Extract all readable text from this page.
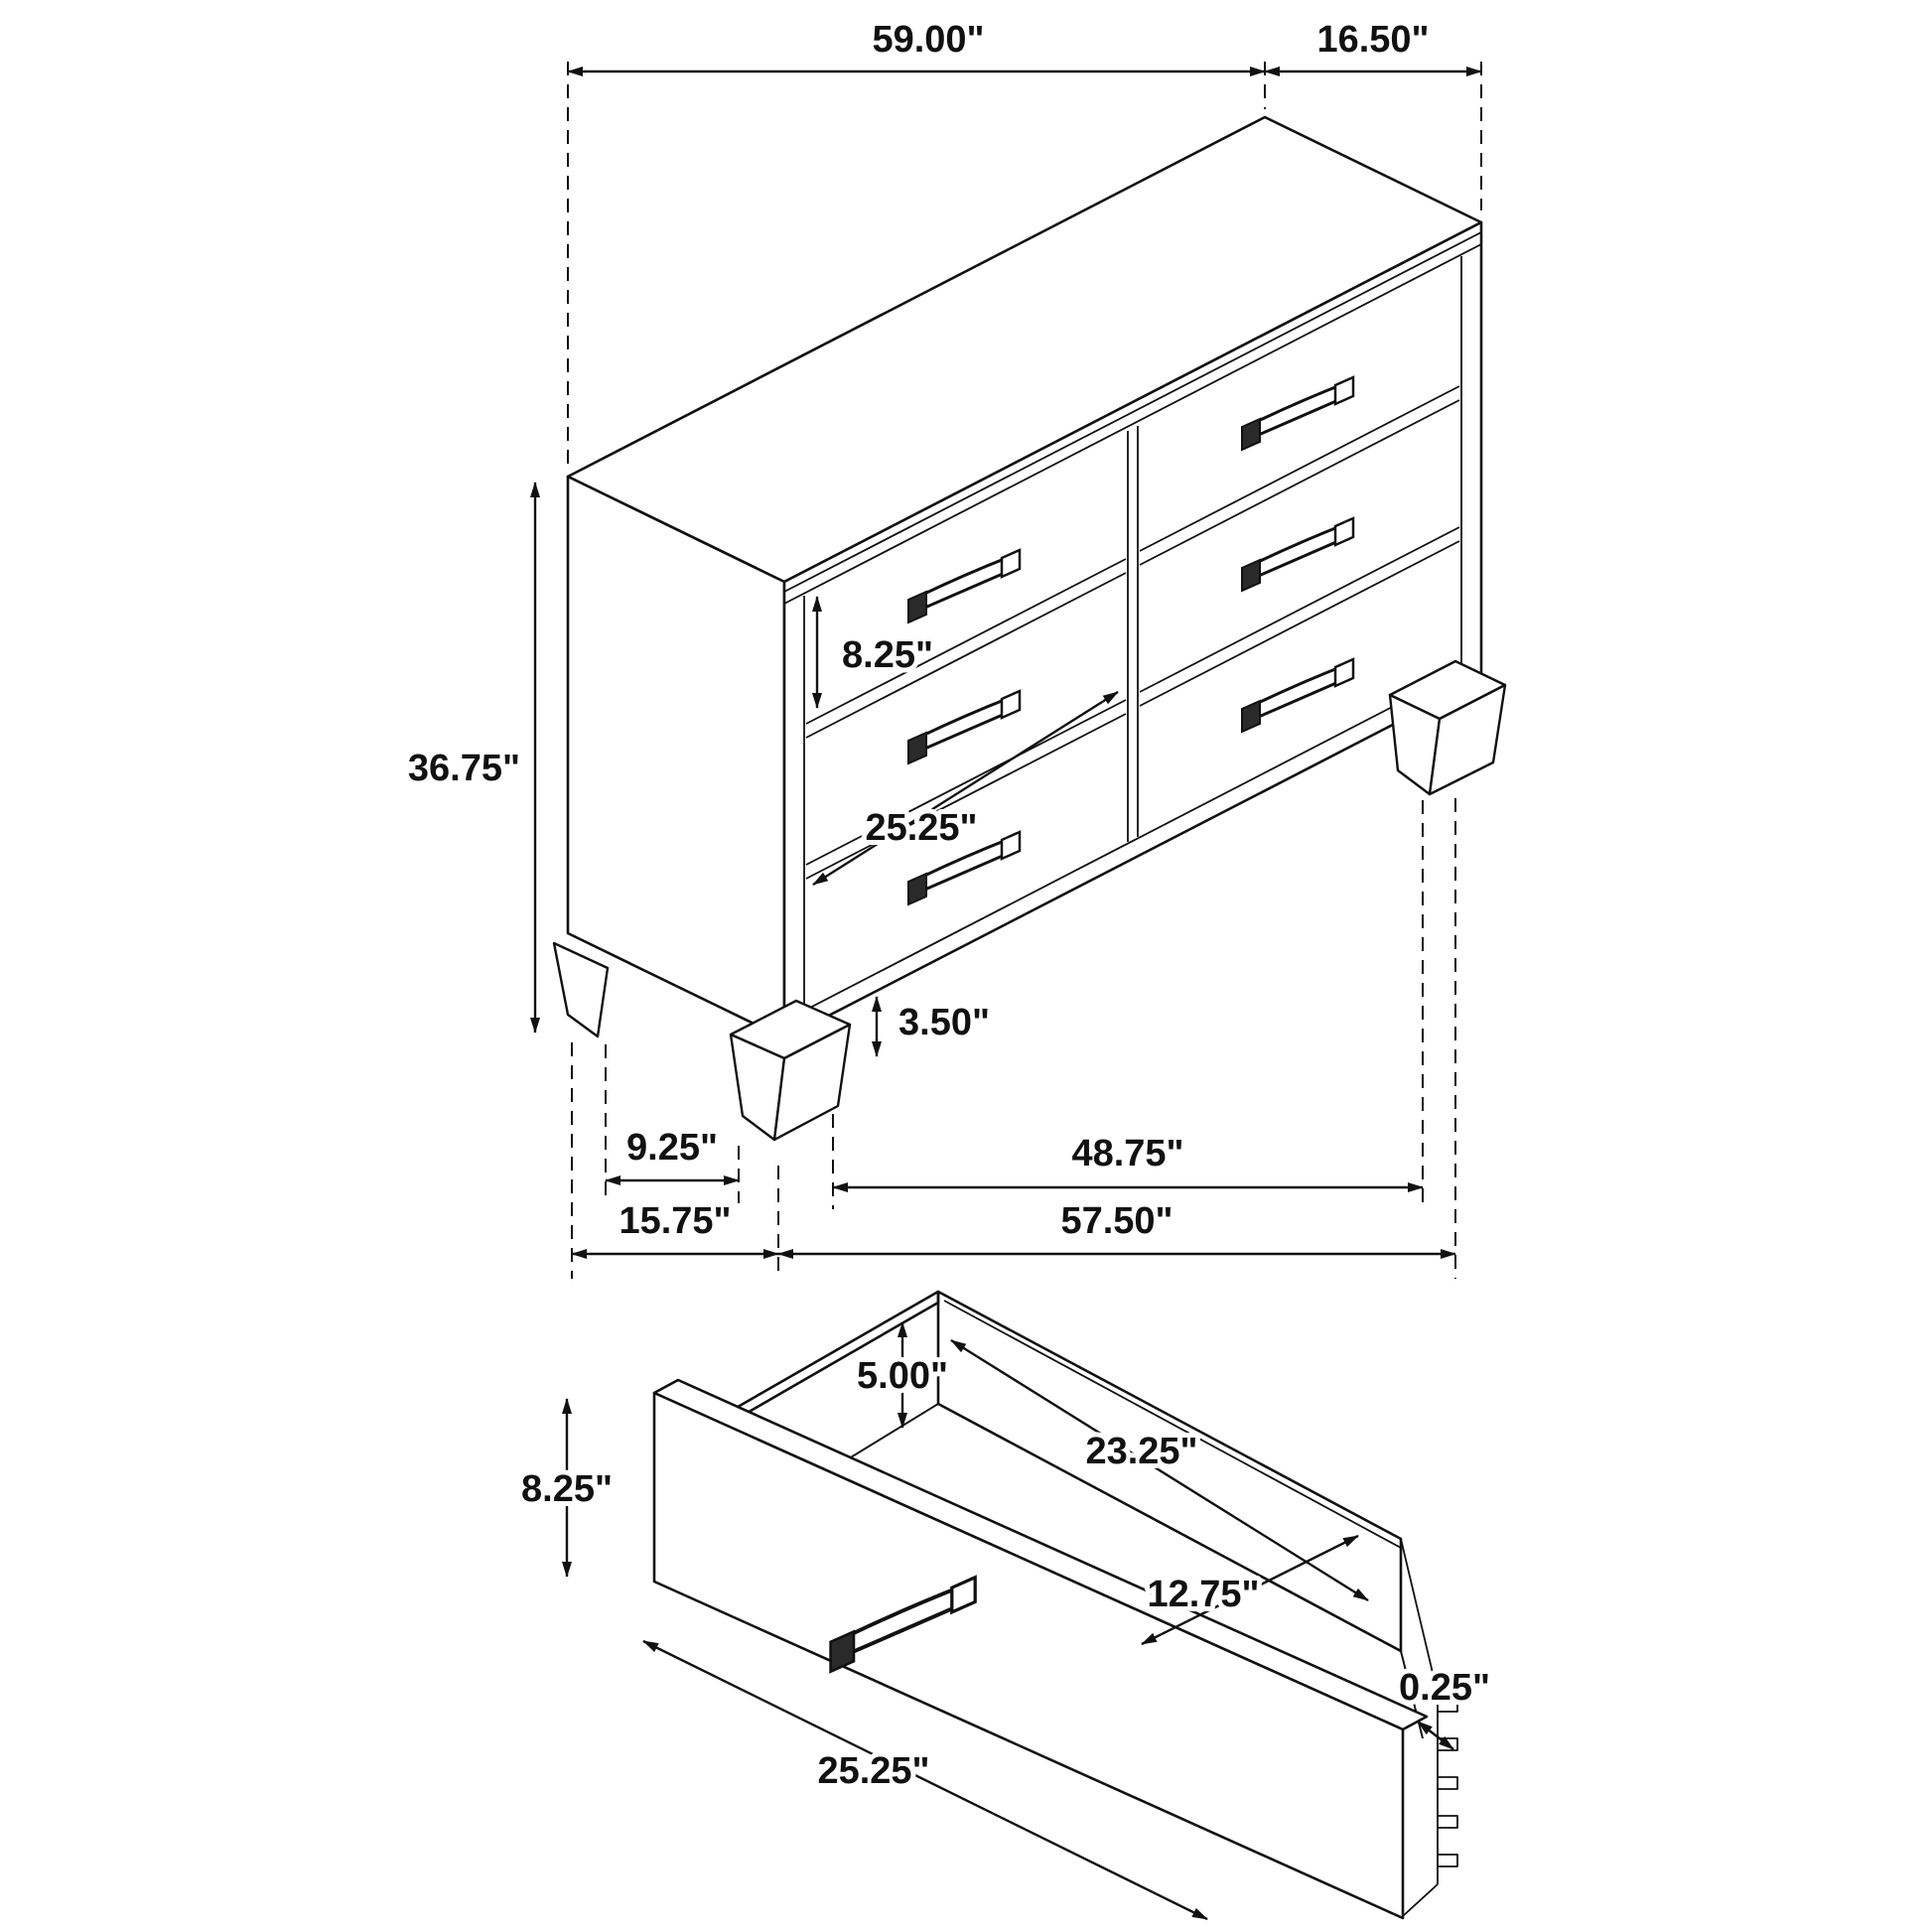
59.00"	16.50"
36.75"
8.25"
25.25"
3.50"
9.25"
15.75"
48.75"
57.50"
8.25"
5.00"
23.25"
12.75"
0.25"
25.25"
